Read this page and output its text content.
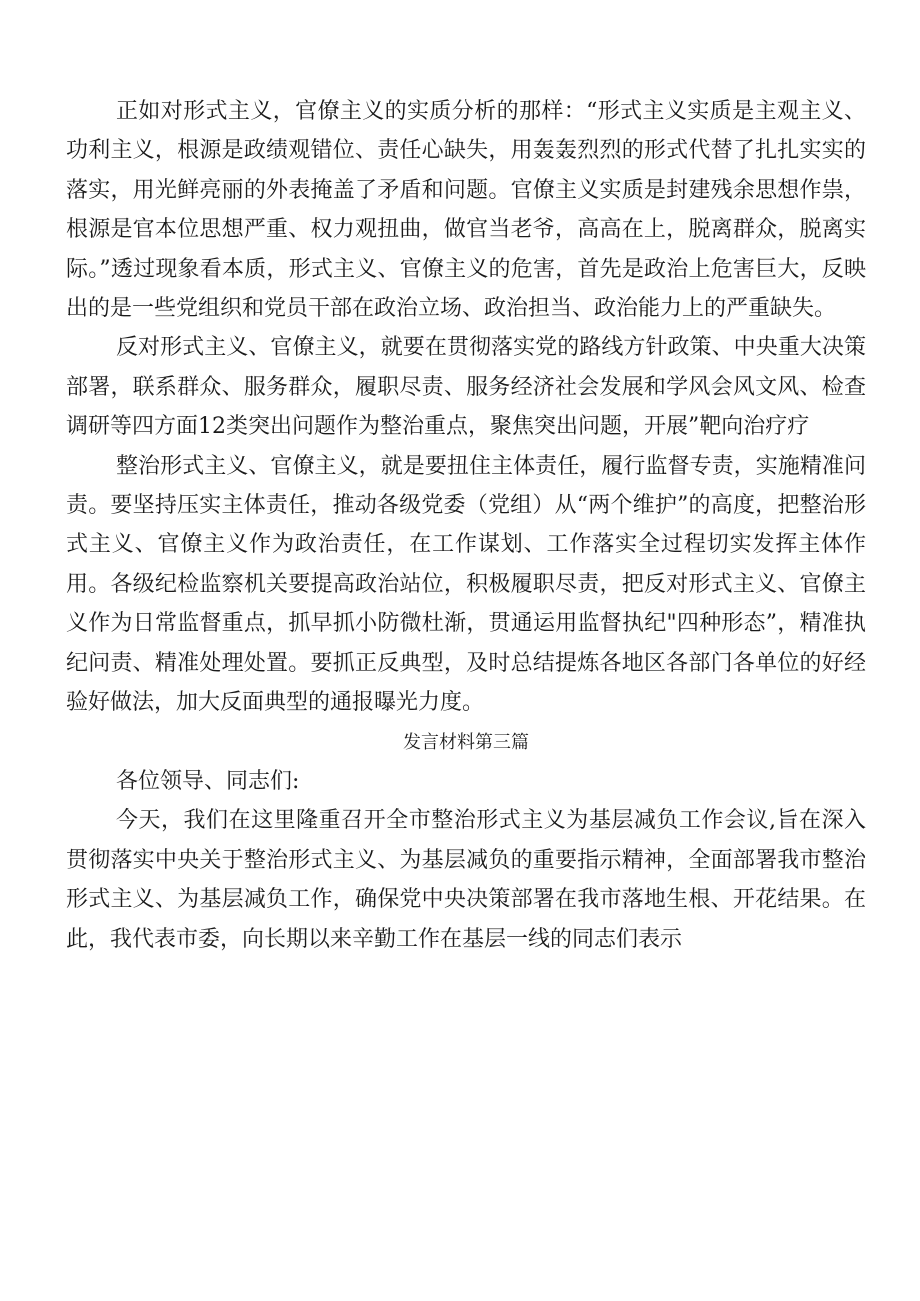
正如对形式主义，官僚主义的实质分析的那样：“形式主义实质是主观主义、功利主义，根源是政绩观错位、责任心缺失，用轰轰烈烈的形式代替了扎扎实实的落实，用光鲜亮丽的外表掩盖了矛盾和问题。官僚主义实质是封建残余思想作祟，根源是官本位思想严重、权力观扭曲，做官当老爷，高高在上，脱离群众，脱离实际。”透过现象看本质，形式主义、官僚主义的危害，首先是政治上危害巨大，反映出的是一些党组织和党员干部在政治立场、政治担当、政治能力上的严重缺失。

反对形式主义、官僚主义，就要在贯彻落实党的路线方针政策、中央重大决策部署，联系群众、服务群众，履职尽责、服务经济社会发展和学风会风文风、检查调研等四方面12类突出问题作为整治重点，聚焦突出问题，开展”靶向治疗疗

整治形式主义、官僚主义，就是要扭住主体责任，履行监督专责，实施精准问责。要坚持压实主体责任，推动各级党委（党组）从“两个维护”的高度，把整治形式主义、官僚主义作为政治责任，在工作谋划、工作落实全过程切实发挥主体作用。各级纪检监察机关要提高政治站位，积极履职尽责，把反对形式主义、官僚主义作为日常监督重点，抓早抓小防微杜渐，贯通运用监督执纪"四种形态”，精准执纪问责、精准处理处置。要抓正反典型，及时总结提炼各地区各部门各单位的好经验好做法，加大反面典型的通报曝光力度。

发言材料第三篇

各位领导、同志们:

今天，我们在这里隆重召开全市整治形式主义为基层减负工作会议,旨在深入贯彻落实中央关于整治形式主义、为基层减负的重要指示精神，全面部署我市整治形式主义、为基层减负工作，确保党中央决策部署在我市落地生根、开花结果。在此，我代表市委，向长期以来辛勤工作在基层一线的同志们表示
